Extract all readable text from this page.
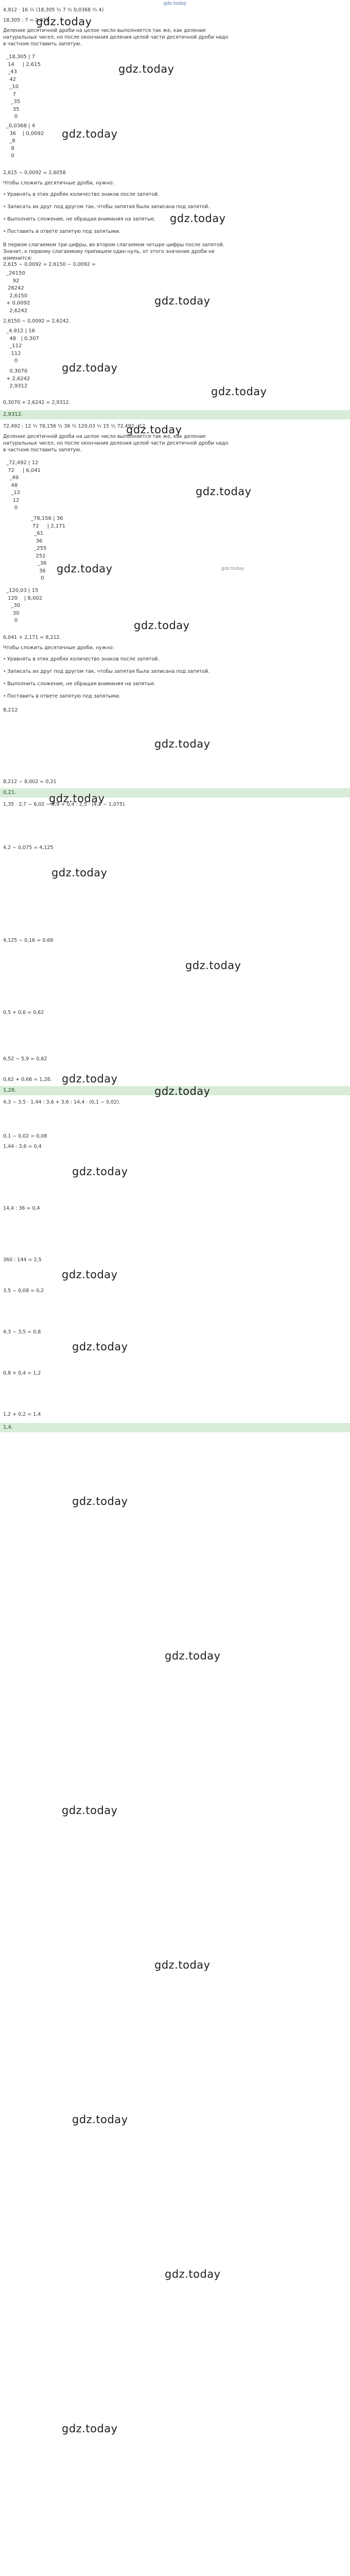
gdz.today
4,912 · 16 ¹⁄₂ (18,305 ¹⁄₂ 7 ¹⁄₂ 0,0368 ¹⁄₂ 4)
18,305 : 7 = 2,615
gdz.today
Деление десятичной дроби на целое число выполняется так же, как деление натуральных чисел, но после окончания деления целой части десятичной дроби надо в частном поставить запятую.
_18,305 | 7
14     | 2,615
_43
42
_10
7
_35
35
0
gdz.today
_0,0368 | 4
36    | 0,0092
_8
8
0
gdz.today
2,615 − 0,0092 = 2,6058
Чтобы сложить десятичные дроби, нужно:
• Уравнять в этих дробях количество знаков после запятой.
• Записать их друг под другом так, чтобы запятая была записана под запятой.
• Выполнить сложение, не обращая внимания на запятые.
• Поставить в ответе запятую под запятыми.
gdz.today
В первом слагаемом три цифры, во втором слагаемом четыре цифры после запятой. Значит, к первому слагаемому припишем один нуль, от этого значение дроби не изменится:
2,615 − 0,0092 = 2,6150 − 0,0092 =
_26150
92
26242
2,6150
+ 0,0092
2,6242
gdz.today
2,6150 − 0,0092 = 2,6242.
_4,912 | 16
48   | 0,307
_112
112
0
gdz.today
0,3070
+ 2,6242
2,9312	gdz.today
0,3070 + 2,6242 = 2,9312.
2,9312.
72,492 : 12 ¹⁄₂ 78,156 ¹⁄₂ 36 ¹⁄₂ 120,03 ¹⁄₂ 15 ¹⁄₂ 72,492 : 12.
gdz.today
Деление десятичной дроби на целое число выполняется так же, как деление натуральных чисел, но после окончания деления целой части десятичной дроби надо в частном поставить запятую.
_72,492 | 12
72     | 6,041
_49
48
_12
12
0
gdz.today
_78,156 | 36
72     | 2,171
_61
36
_255
252
_36
36
0
gdz.today	gdz.today
_120,03 | 15
120    | 8,002
_30
30
0	gdz.today
6,041 + 2,171 = 8,212.
Чтобы сложить десятичные дроби, нужно:
• Уравнять в этих дробях количество знаков после запятой.
• Записать их друг под другом так, чтобы запятая была записана под запятой.
• Выполнить сложение, не обращая внимания на запятые.
• Поставить в ответе запятую под запятыми.
8,212
gdz.today
8,212 − 8,002 = 0,21
0,21.	gdz.today
1,35 · 2,7 − 6,02 − 5,9 + 0,4 : 2,5 · (4,2 − 1,075).
4,2 − 0,075 = 4,125
gdz.today
4,125 − 0,16 = 0,66
gdz.today
0,5 + 0,6 = 0,62
6,52 − 5,9 = 0,62
gdz.today
0,62 + 0,66 = 1,28.
1,28.	gdz.today
4,3 − 3,5 · 1,44 : 3,6 + 3,6 : 14,4 · (0,1 − 0,02).
0,1 − 0,02 = 0,08
1,44 : 3,6 = 0,4
gdz.today
14,4 : 36 = 0,4
360 : 144 = 2,5
gdz.today
3,5 − 0,08 = 0,2
4,3 − 3,5 = 0,8
gdz.today
0,8 + 0,4 = 1,2
1,2 + 0,2 = 1,4
1,4.
gdz.today
gdz.today
gdz.today
gdz.today
gdz.today
gdz.today
gdz.today
